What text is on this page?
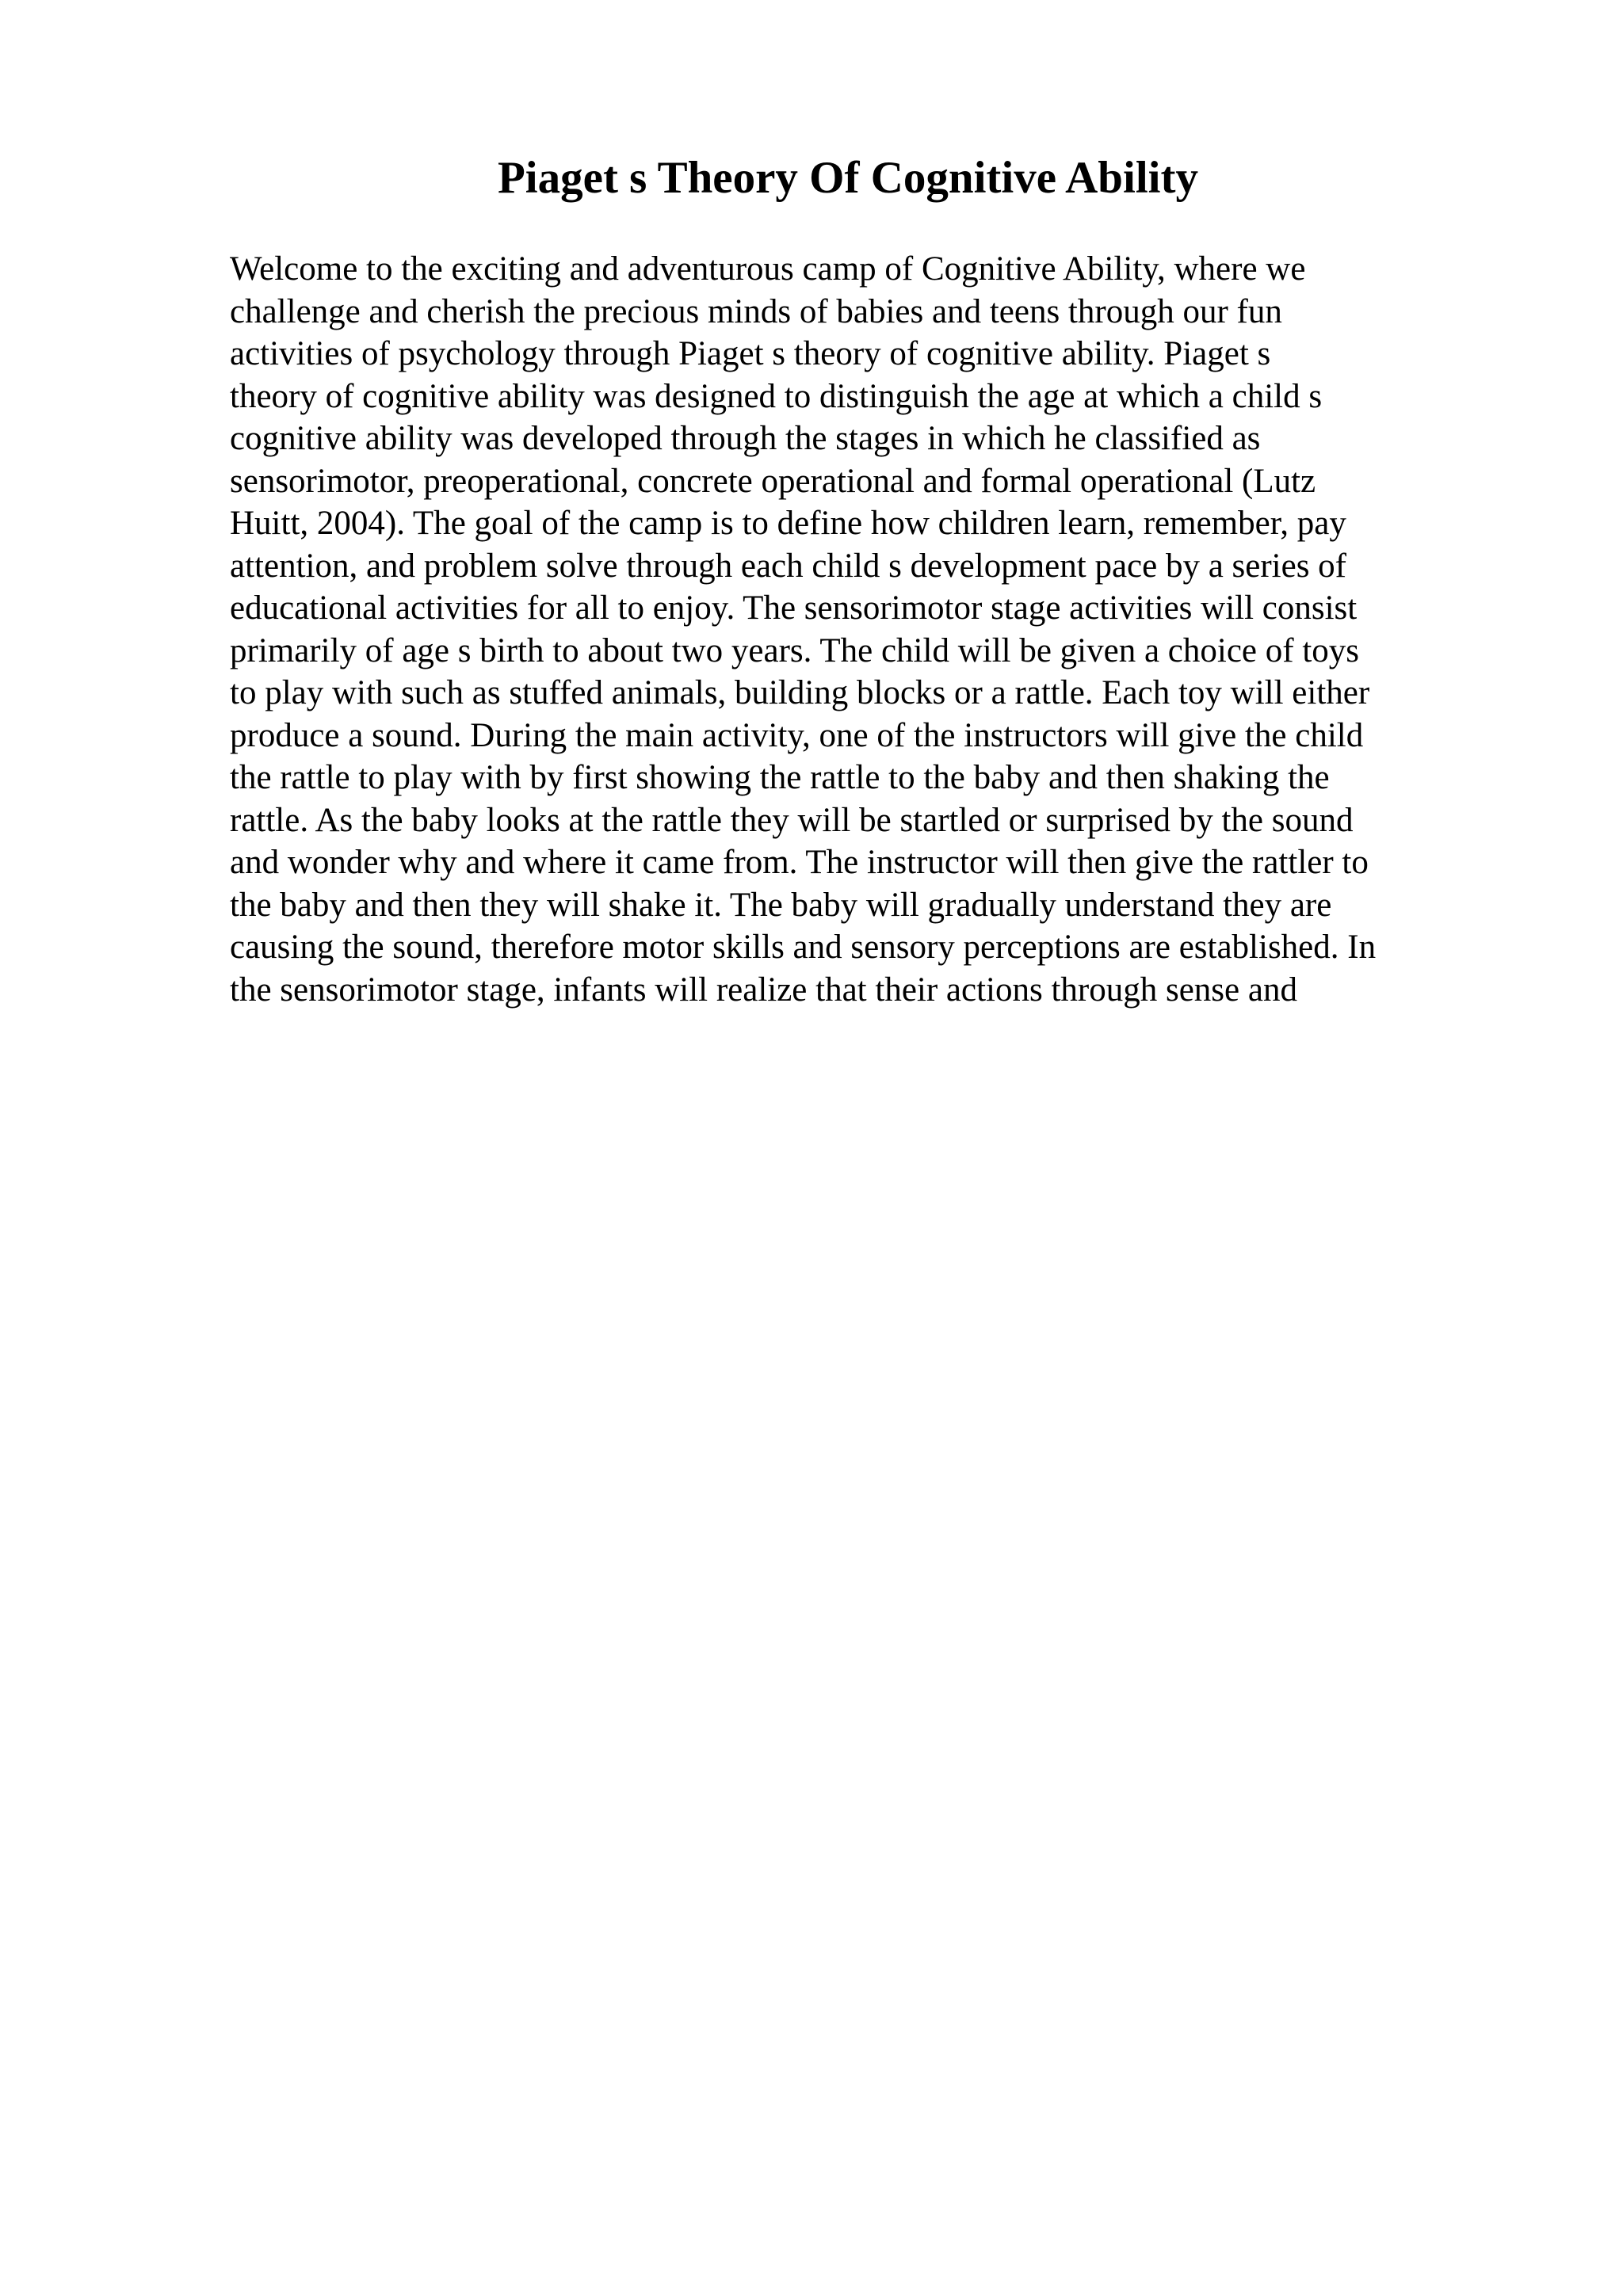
Piaget s Theory Of Cognitive Ability
Welcome to the exciting and adventurous camp of Cognitive Ability, where we
challenge and cherish the precious minds of babies and teens through our fun
activities of psychology through Piaget s theory of cognitive ability. Piaget s
theory of cognitive ability was designed to distinguish the age at which a child s
cognitive ability was developed through the stages in which he classified as
sensorimotor, preoperational, concrete operational and formal operational (Lutz
Huitt, 2004). The goal of the camp is to define how children learn, remember, pay
attention, and problem solve through each child s development pace by a series of
educational activities for all to enjoy. The sensorimotor stage activities will consist
primarily of age s birth to about two years. The child will be given a choice of toys
to play with such as stuffed animals, building blocks or a rattle. Each toy will either
produce a sound. During the main activity, one of the instructors will give the child
the rattle to play with by first showing the rattle to the baby and then shaking the
rattle. As the baby looks at the rattle they will be startled or surprised by the sound
and wonder why and where it came from. The instructor will then give the rattler to
the baby and then they will shake it. The baby will gradually understand they are
causing the sound, therefore motor skills and sensory perceptions are established. In
the sensorimotor stage, infants will realize that their actions through sense and
